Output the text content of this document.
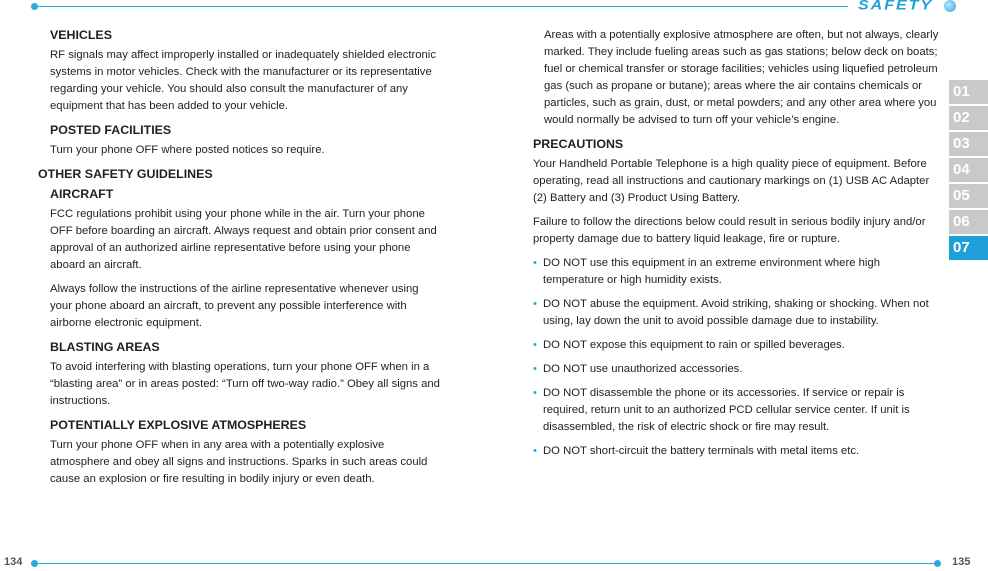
SAFETY
01
02
03
04
05
06
07
VEHICLES

RF signals may affect improperly installed or inadequately shielded electronic systems in motor vehicles. Check with the manufacturer or its representative regarding your vehicle. You should also consult the manufacturer of any equipment that has been added to your vehicle.

POSTED FACILITIES

Turn your phone OFF where posted notices so require.

OTHER SAFETY GUIDELINES
AIRCRAFT

FCC regulations prohibit using your phone while in the air. Turn your phone OFF before boarding an aircraft. Always request and obtain prior consent and approval of an authorized airline representative before using your phone aboard an aircraft.

Always follow the instructions of the airline representative whenever using your phone aboard an aircraft, to prevent any possible interference with airborne electronic equipment.

BLASTING AREAS

To avoid interfering with blasting operations, turn your phone OFF when in a “blasting area” or in areas posted: “Turn off two-way radio.” Obey all signs and instructions.

POTENTIALLY EXPLOSIVE ATMOSPHERES

Turn your phone OFF when in any area with a potentially explosive atmosphere and obey all signs and instructions. Sparks in such areas could cause an explosion or fire resulting in bodily injury or even death.

Areas with a potentially explosive atmosphere are often, but not always, clearly marked. They include fueling areas such as gas stations; below deck on boats; fuel or chemical transfer or storage facilities; vehicles using liquefied petroleum gas (such as propane or butane); areas where the air contains chemicals or particles, such as grain, dust, or metal powders; and any other area where you would normally be advised to turn off your vehicle’s engine.

PRECAUTIONS

Your Handheld Portable Telephone is a high quality piece of equipment. Before operating, read all instructions and cautionary markings on (1) USB AC Adapter (2) Battery and (3) Product Using Battery.

Failure to follow the directions below could result in serious bodily injury and/or property damage due to battery liquid leakage, fire or rupture.

• DO NOT use this equipment in an extreme environment where high temperature or high humidity exists.
• DO NOT abuse the equipment. Avoid striking, shaking or shocking. When not using, lay down the unit to avoid possible damage due to instability.
• DO NOT expose this equipment to rain or spilled beverages.
• DO NOT use unauthorized accessories.
• DO NOT disassemble the phone or its accessories. If service or repair is required, return unit to an authorized PCD cellular service center. If unit is disassembled, the risk of electric shock or fire may result.
• DO NOT short-circuit the battery terminals with metal items etc.
134	135
